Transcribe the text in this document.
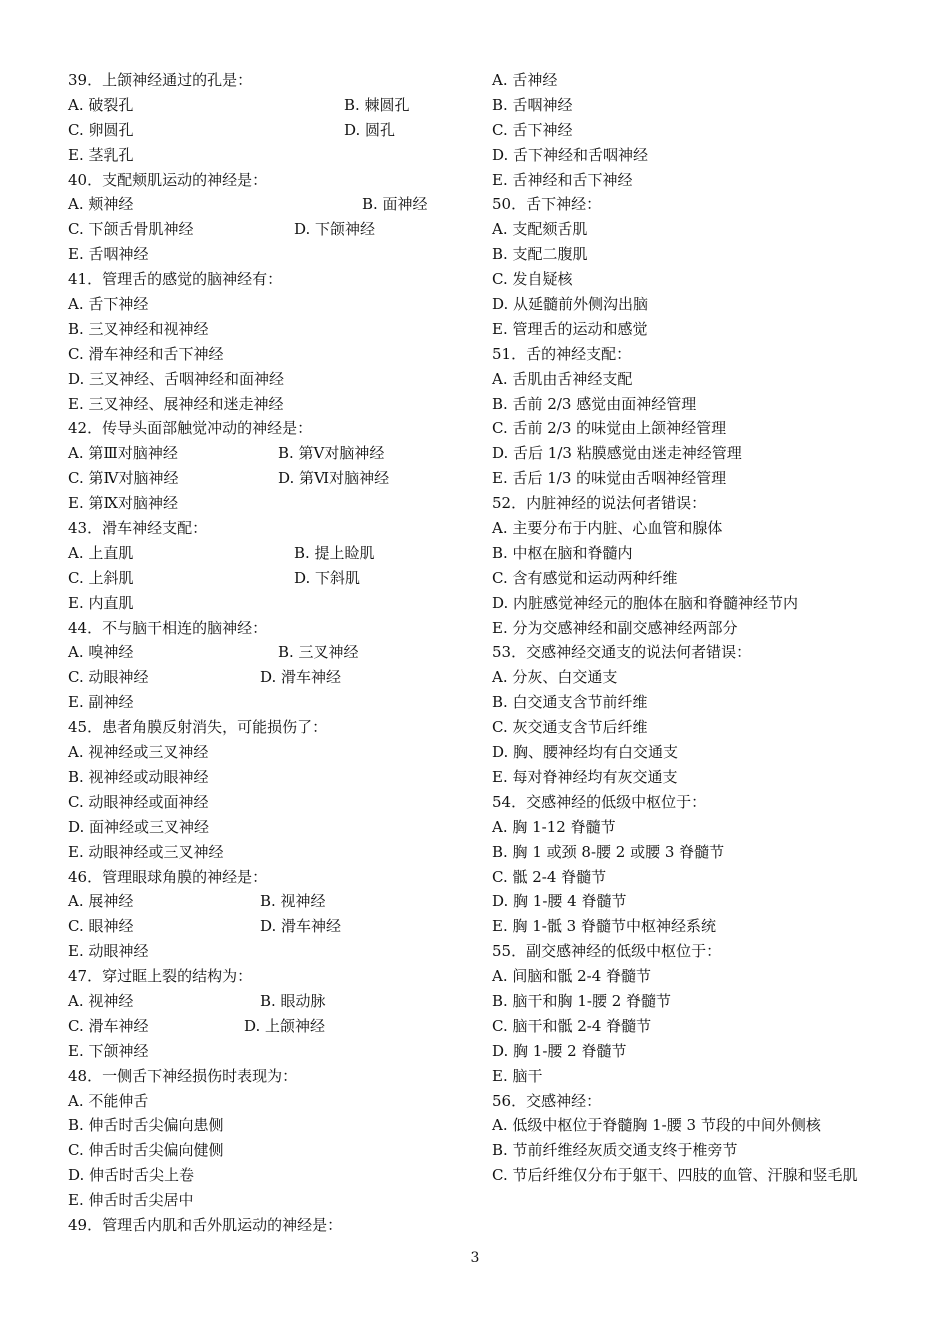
39．上颌神经通过的孔是：
A. 破裂孔	B. 棘圆孔
C. 卵圆孔	D. 圆孔
E. 茎乳孔
40．支配颊肌运动的神经是：
A. 颊神经	B. 面神经
C. 下颌舌骨肌神经	D. 下颌神经
E. 舌咽神经
41．管理舌的感觉的脑神经有：
A. 舌下神经
B. 三叉神经和视神经
C. 滑车神经和舌下神经
D. 三叉神经、舌咽神经和面神经
E. 三叉神经、展神经和迷走神经
42．传导头面部触觉冲动的神经是：
A. 第Ⅲ对脑神经	B. 第Ⅴ对脑神经
C. 第Ⅳ对脑神经	D. 第Ⅵ对脑神经
E. 第Ⅸ对脑神经
43．滑车神经支配：
A. 上直肌	B. 提上睑肌
C. 上斜肌	D. 下斜肌
E. 内直肌
44．不与脑干相连的脑神经：
A. 嗅神经	B. 三叉神经
C. 动眼神经	D. 滑车神经
E. 副神经
45．患者角膜反射消失，可能损伤了：
A. 视神经或三叉神经
B. 视神经或动眼神经
C. 动眼神经或面神经
D. 面神经或三叉神经
E. 动眼神经或三叉神经
46．管理眼球角膜的神经是：
A. 展神经	B. 视神经
C. 眼神经	D. 滑车神经
E. 动眼神经
47．穿过眶上裂的结构为：
A. 视神经	B. 眼动脉
C. 滑车神经	D. 上颌神经
E. 下颌神经
48．一侧舌下神经损伤时表现为：
A. 不能伸舌
B. 伸舌时舌尖偏向患侧
C. 伸舌时舌尖偏向健侧
D. 伸舌时舌尖上卷
E. 伸舌时舌尖居中
49．管理舌内肌和舌外肌运动的神经是：
A. 舌神经
B. 舌咽神经
C. 舌下神经
D. 舌下神经和舌咽神经
E. 舌神经和舌下神经
50．舌下神经：
A. 支配颏舌肌
B. 支配二腹肌
C. 发自疑核
D. 从延髓前外侧沟出脑
E. 管理舌的运动和感觉
51．舌的神经支配：
A. 舌肌由舌神经支配
B. 舌前 2/3 感觉由面神经管理
C. 舌前 2/3 的味觉由上颌神经管理
D. 舌后 1/3 粘膜感觉由迷走神经管理
E. 舌后 1/3 的味觉由舌咽神经管理
52．内脏神经的说法何者错误：
A. 主要分布于内脏、心血管和腺体
B. 中枢在脑和脊髓内
C. 含有感觉和运动两种纤维
D. 内脏感觉神经元的胞体在脑和脊髓神经节内
E. 分为交感神经和副交感神经两部分
53．交感神经交通支的说法何者错误：
A. 分灰、白交通支
B. 白交通支含节前纤维
C. 灰交通支含节后纤维
D. 胸、腰神经均有白交通支
E. 每对脊神经均有灰交通支
54．交感神经的低级中枢位于：
A. 胸 1-12 脊髓节
B. 胸 1 或颈 8-腰 2 或腰 3 脊髓节
C. 骶 2-4 脊髓节
D. 胸 1-腰 4 脊髓节
E. 胸 1-骶 3 脊髓节中枢神经系统
55．副交感神经的低级中枢位于：
A. 间脑和骶 2-4 脊髓节
B. 脑干和胸 1-腰 2 脊髓节
C. 脑干和骶 2-4 脊髓节
D. 胸 1-腰 2 脊髓节
E. 脑干
56．交感神经：
A. 低级中枢位于脊髓胸 1-腰 3 节段的中间外侧核
B. 节前纤维经灰质交通支终于椎旁节
C. 节后纤维仅分布于躯干、四肢的血管、汗腺和竖毛肌
3
